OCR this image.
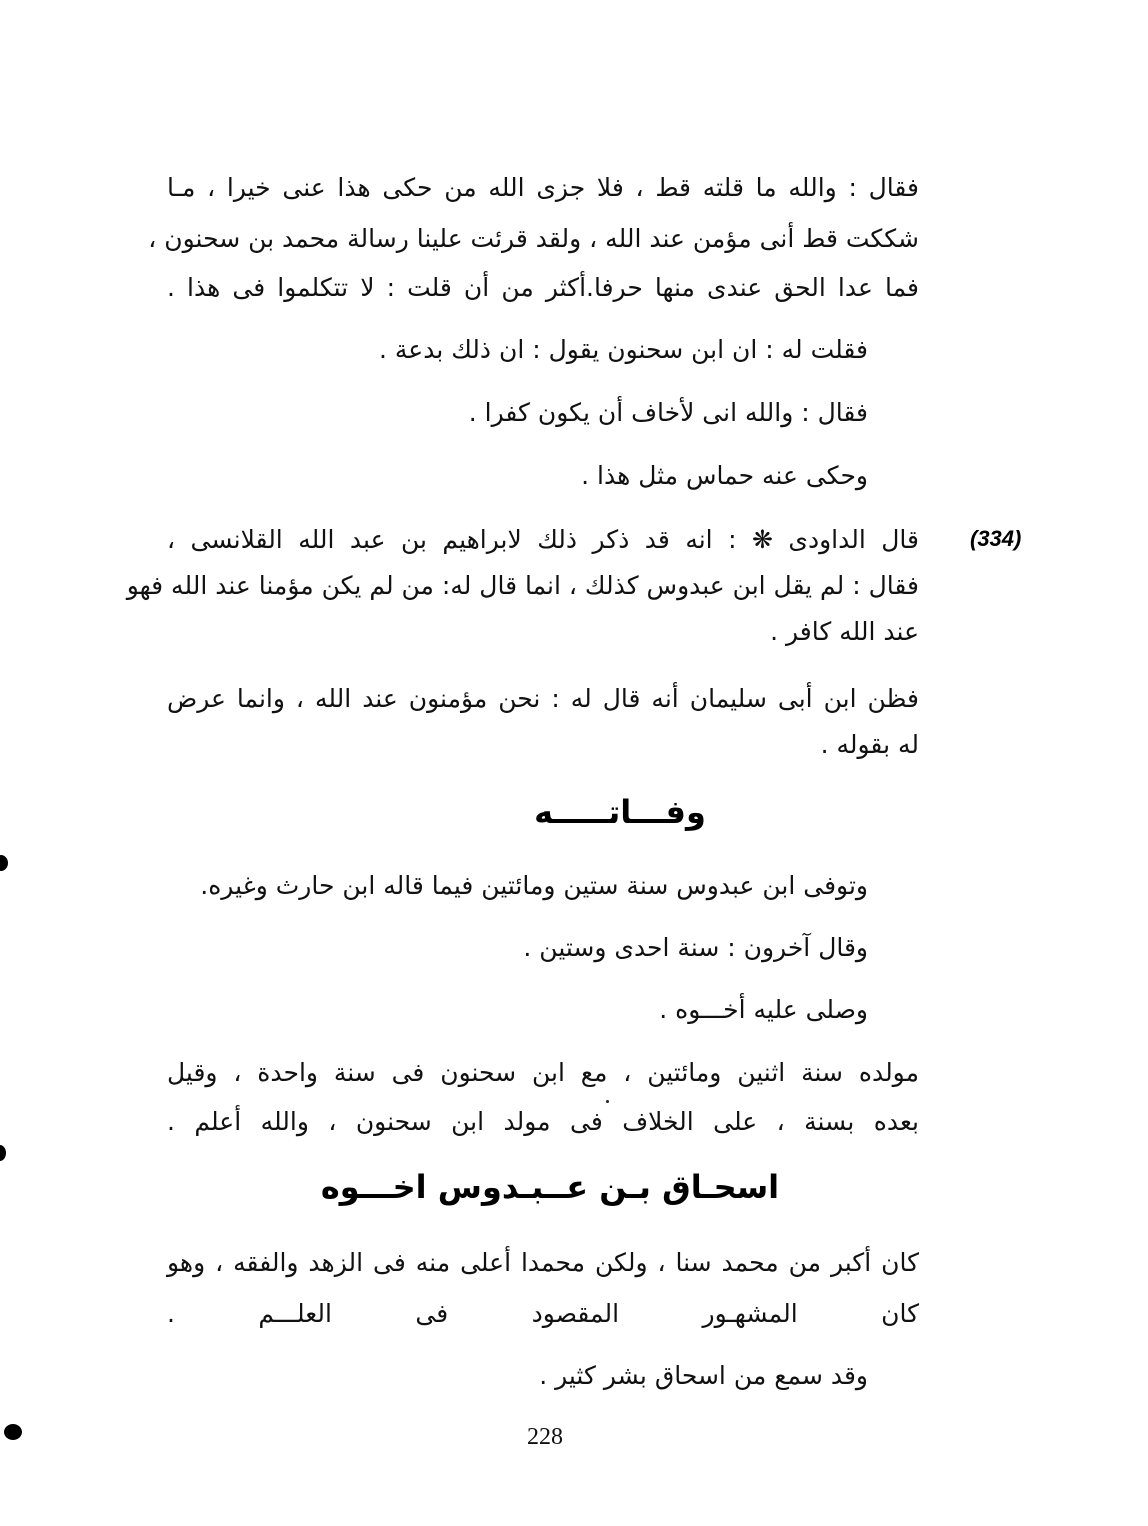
فقال : والله ما قلته قط ، فلا جزى الله من حكى هذا عنى خيرا ، مـا
شككت قط أنى مؤمن عند الله ، ولقد قرئت علينا رسالة محمد بن سحنون ،
فما عدا الحق عندى منها حرفا.أكثر من أن قلت : لا تتكلموا فى هذا .
فقلت له : ان ابن سحنون يقول : ان ذلك بدعة .
فقال : والله انى لأخاف أن يكون كفرا .
وحكى عنه حماس مثل هذا .
(334)
قال الداودى ❋ : انه قد ذكر ذلك لابراهيم بن عبد الله القلانسى ،
فقال : لم يقل ابن عبدوس كذلك ، انما قال له: من لم يكن مؤمنا عند الله فهو
عند الله كافر .
فظن ابن أبى سليمان أنه قال له : نحن مؤمنون عند الله ، وانما عرض
له بقوله .
وفـــاتـــــه
وتوفى ابن عبدوس سنة ستين ومائتين فيما قاله ابن حارث وغيره.
وقال آخرون : سنة احدى وستين .
وصلى عليه أخـــوه .
مولده سنة اثنين ومائتين ، مع ابن سحنون فى سنة واحدة ، وقيل
بعده بسنة ، على الخلاف فى مولد ابن سحنون ، والله أعلم .
اسحـاق بـن عــبـدوس اخـــوه
كان أكبر من محمد سنا ، ولكن محمدا أعلى منه فى الزهد والفقه ، وهو
كان المشهـور المقصود فى العلـــم .
وقد سمع من اسحاق بشر كثير .
228
